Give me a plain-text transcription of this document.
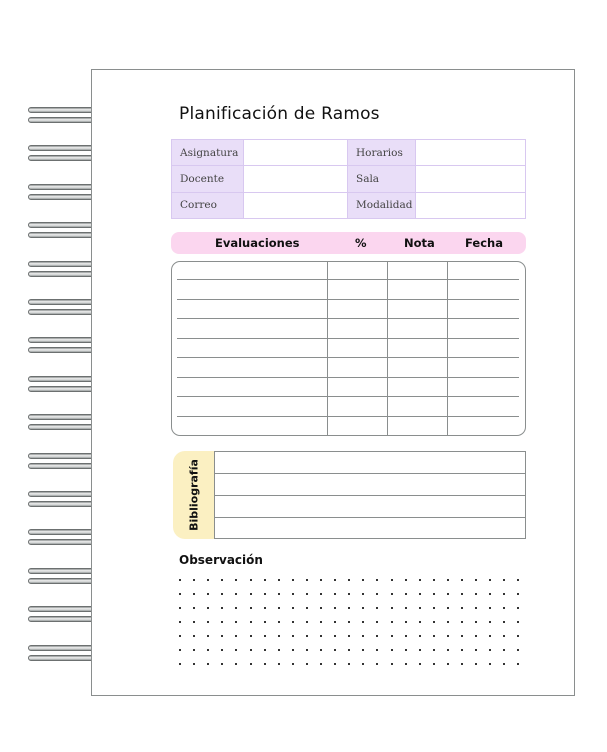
Planificación de Ramos
Asignatura		Horarios	
Docente		Sala	
Correo		Modalidad	
Evaluaciones	%	Nota	Fecha
Bibliografía
Observación
